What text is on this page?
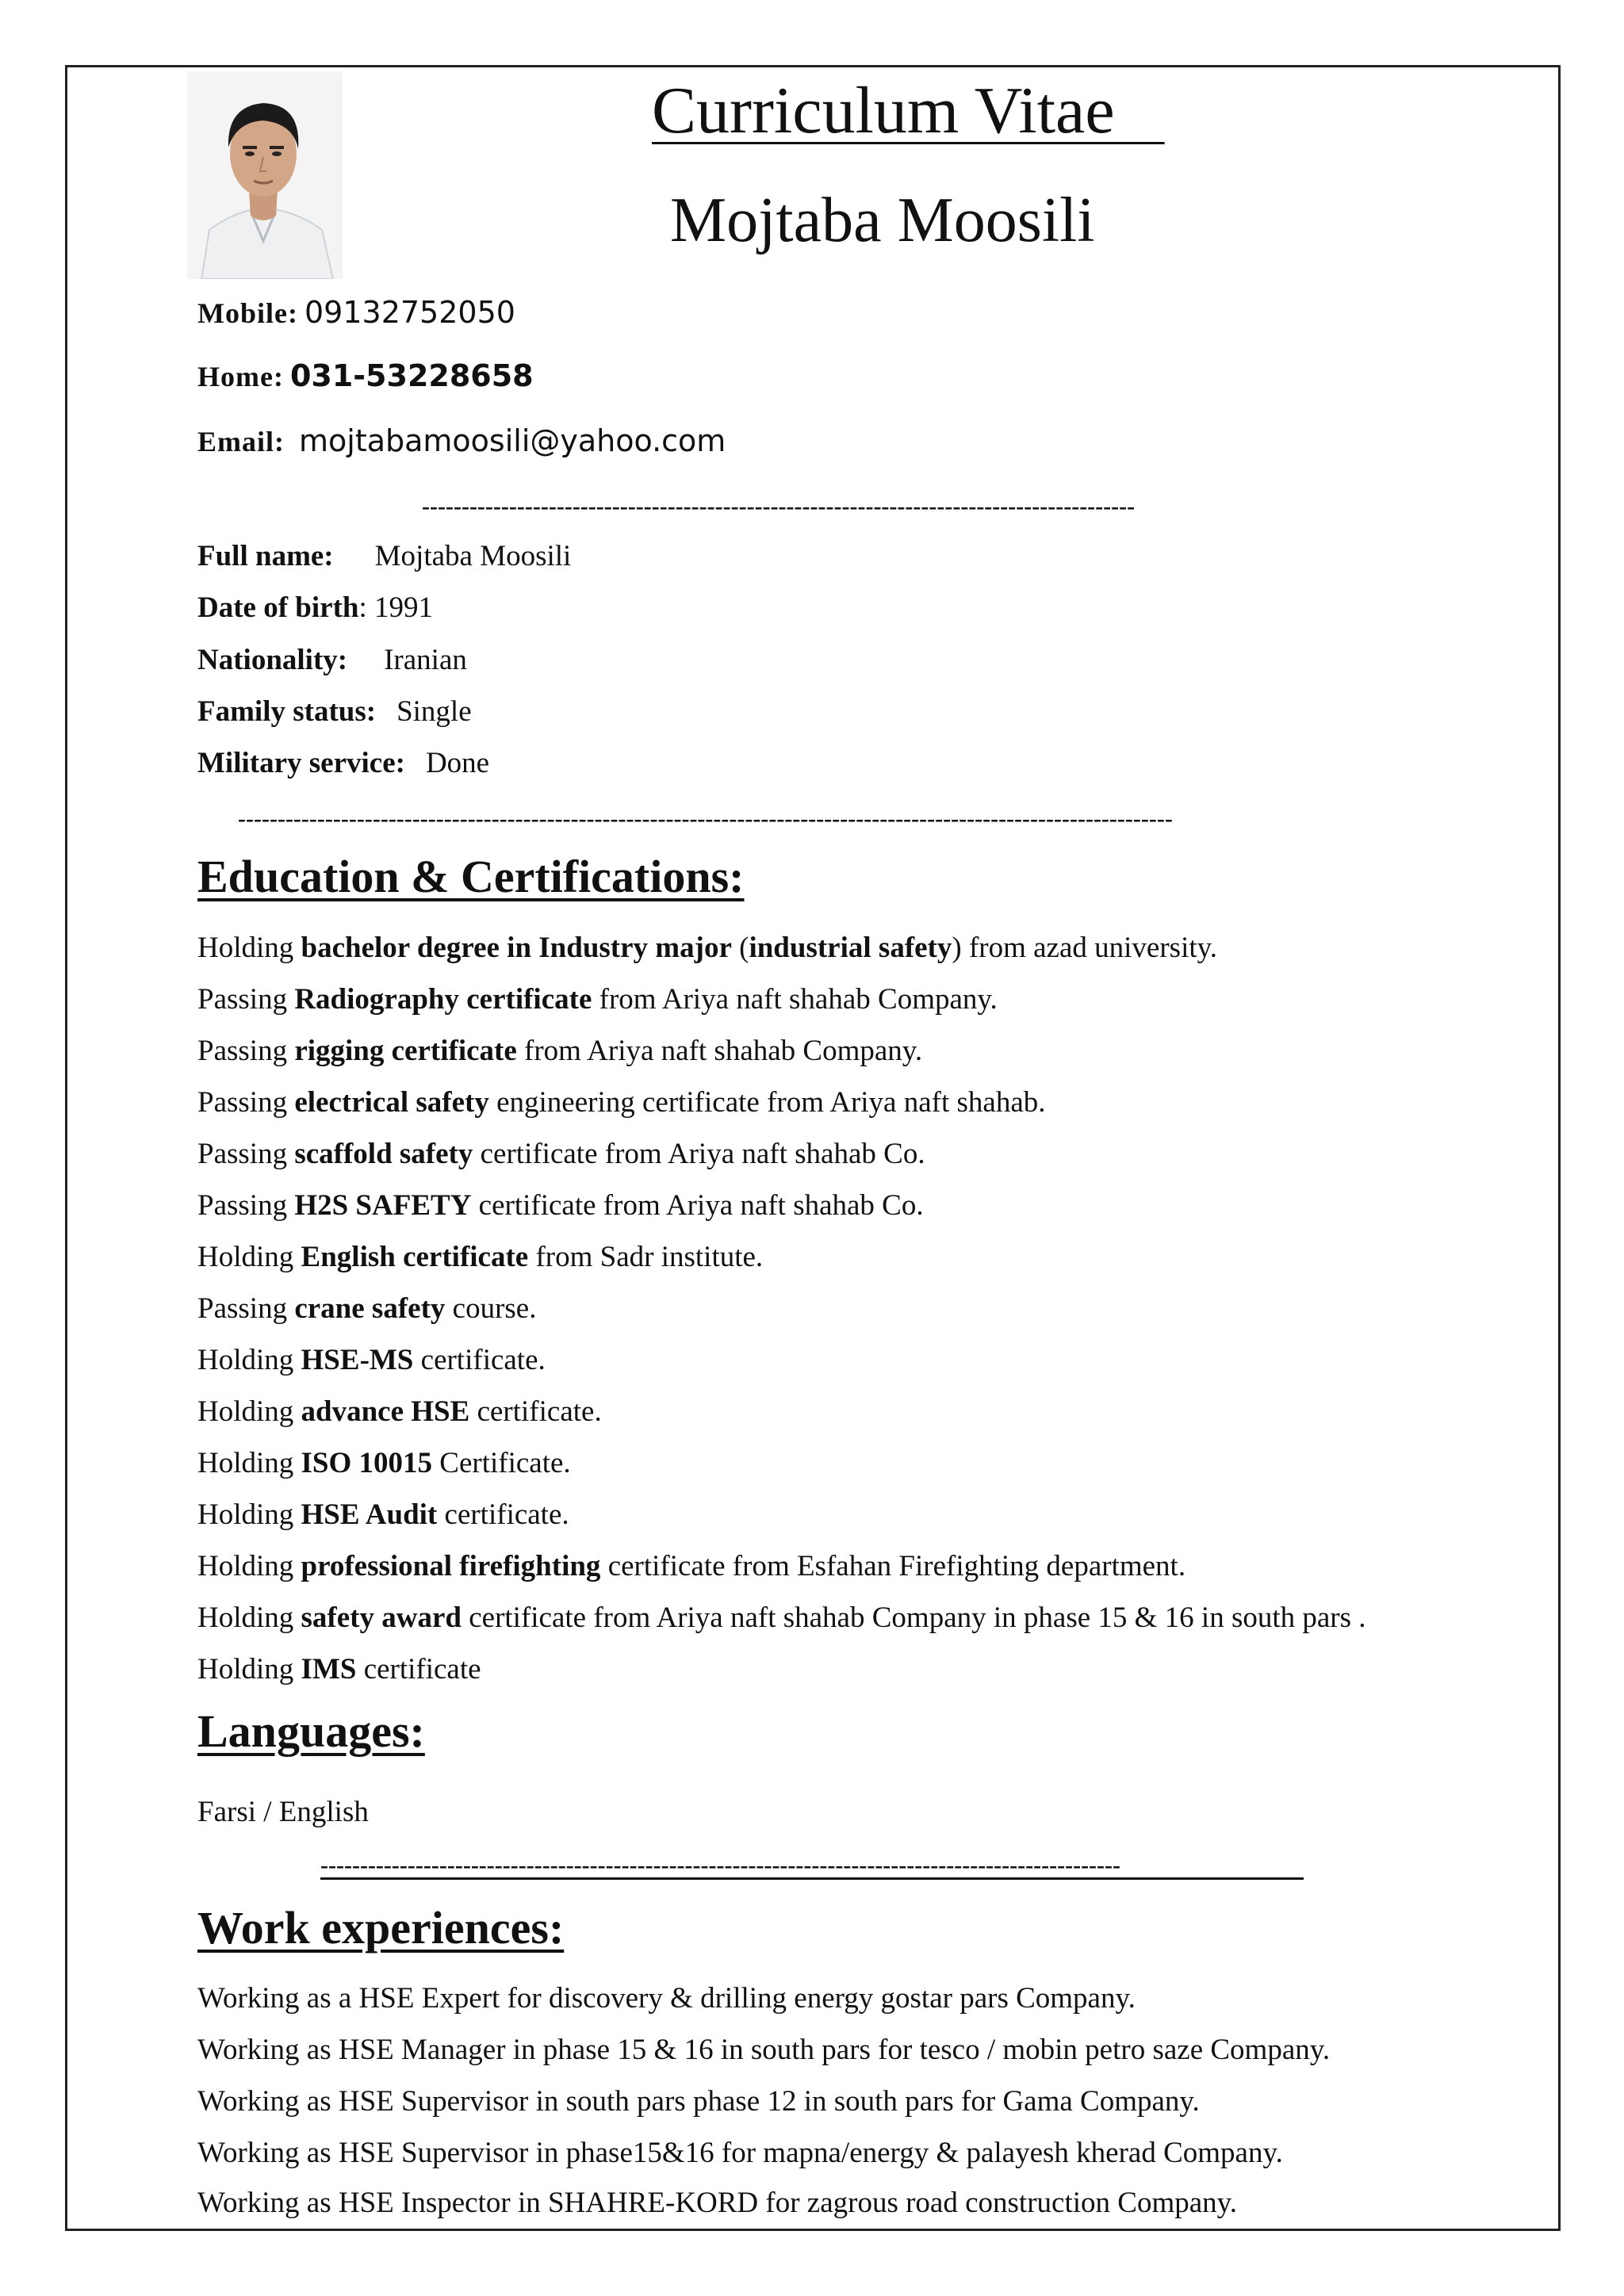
Curriculum Vitae
Mojtaba Moosili
Mobile: 09132752050
Home: 031-53228658
Email: mojtabamoosili@yahoo.com
------------------------------------------------------------------------------------------
Full name: Mojtaba Moosili
Date of birth: 1991
Nationality: Iranian
Family status: Single
Military service: Done
----------------------------------------------------------------------------------------------------------------------
Education & Certifications:
Holding bachelor degree in Industry major (industrial safety) from azad university.
Passing Radiography certificate from Ariya naft shahab Company.
Passing rigging certificate from Ariya naft shahab Company.
Passing electrical safety engineering certificate from Ariya naft shahab.
Passing scaffold safety certificate from Ariya naft shahab Co.
Passing H2S SAFETY certificate from Ariya naft shahab Co.
Holding English certificate from Sadr institute.
Passing crane safety course.
Holding HSE-MS certificate.
Holding advance HSE certificate.
Holding ISO 10015 Certificate.
Holding HSE Audit certificate.
Holding professional firefighting certificate from Esfahan Firefighting department.
Holding safety award certificate from Ariya naft shahab Company in phase 15 & 16 in south pars .
Holding IMS certificate
Languages:
Farsi / English
-----------------------------------------------------------------------------------------------------
Work experiences:
Working as a HSE Expert for discovery & drilling energy gostar pars Company.
Working as HSE Manager in phase 15 & 16 in south pars for tesco / mobin petro saze Company.
Working as HSE Supervisor in south pars phase 12 in south pars for Gama Company.
Working as HSE Supervisor in phase15&16 for mapna/energy & palayesh kherad Company.
Working as HSE Inspector in SHAHRE-KORD for zagrous road construction Company.
